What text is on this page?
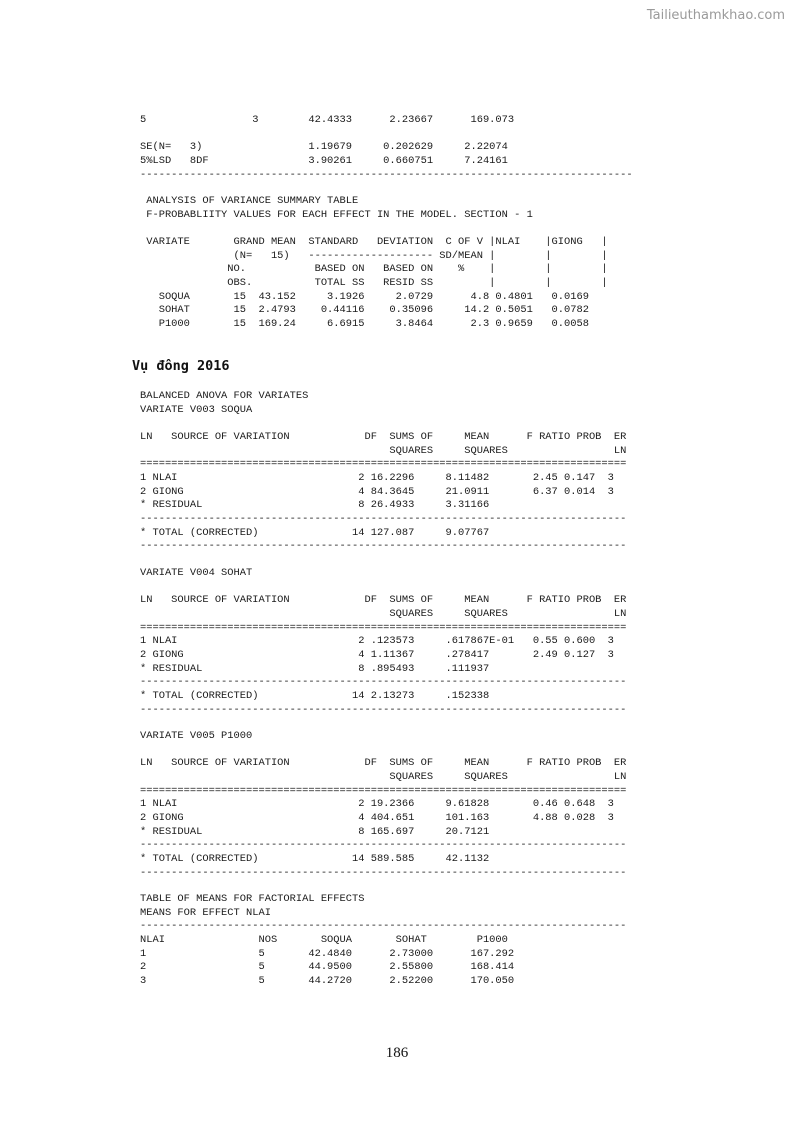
Tailieuthamkhao.com

5                 3        42.4333      2.23667      169.073

SE(N=   3)                 1.19679     0.202629     2.22074
5%LSD   8DF                3.90261     0.660751     7.24161
-------------------------------------------------------------------------------
ANALYSIS OF VARIANCE SUMMARY TABLE
F-PROBABLIITY VALUES FOR EACH EFFECT IN THE MODEL. SECTION - 1

VARIATE       GRAND MEAN  STANDARD   DEVIATION  C OF V |NLAI    |GIONG   |
(N=   15)   -------------------- SD/MEAN |        |        |
NO.           BASED ON   BASED ON    %    |        |        |
OBS.          TOTAL SS   RESID SS         |        |        |
SOQUA       15  43.152     3.1926     2.0729      4.8 0.4801   0.0169
SOHAT       15  2.4793    0.44116    0.35096     14.2 0.5051   0.0782
P1000       15  169.24     6.6915     3.8464      2.3 0.9659   0.0058
Vụ đông 2016
BALANCED ANOVA FOR VARIATES
VARIATE V003 SOQUA

LN   SOURCE OF VARIATION            DF  SUMS OF     MEAN      F RATIO PROB  ER
SQUARES     SQUARES                 LN
==============================================================================
1 NLAI                             2 16.2296     8.11482       2.45 0.147  3
2 GIONG                            4 84.3645     21.0911       6.37 0.014  3
* RESIDUAL                         8 26.4933     3.31166
------------------------------------------------------------------------------
* TOTAL (CORRECTED)               14 127.087     9.07767
------------------------------------------------------------------------------
VARIATE V004 SOHAT

LN   SOURCE OF VARIATION            DF  SUMS OF     MEAN      F RATIO PROB  ER
SQUARES     SQUARES                 LN
==============================================================================
1 NLAI                             2 .123573     .617867E-01   0.55 0.600  3
2 GIONG                            4 1.11367     .278417       2.49 0.127  3
* RESIDUAL                         8 .895493     .111937
------------------------------------------------------------------------------
* TOTAL (CORRECTED)               14 2.13273     .152338
------------------------------------------------------------------------------
VARIATE V005 P1000

LN   SOURCE OF VARIATION            DF  SUMS OF     MEAN      F RATIO PROB  ER
SQUARES     SQUARES                 LN
==============================================================================
1 NLAI                             2 19.2366     9.61828       0.46 0.648  3
2 GIONG                            4 404.651     101.163       4.88 0.028  3
* RESIDUAL                         8 165.697     20.7121
------------------------------------------------------------------------------
* TOTAL (CORRECTED)               14 589.585     42.1132
------------------------------------------------------------------------------
TABLE OF MEANS FOR FACTORIAL EFFECTS
MEANS FOR EFFECT NLAI
------------------------------------------------------------------------------
NLAI               NOS       SOQUA       SOHAT        P1000
1                  5       42.4840      2.73000      167.292
2                  5       44.9500      2.55800      168.414
3                  5       44.2720      2.52200      170.050
186
